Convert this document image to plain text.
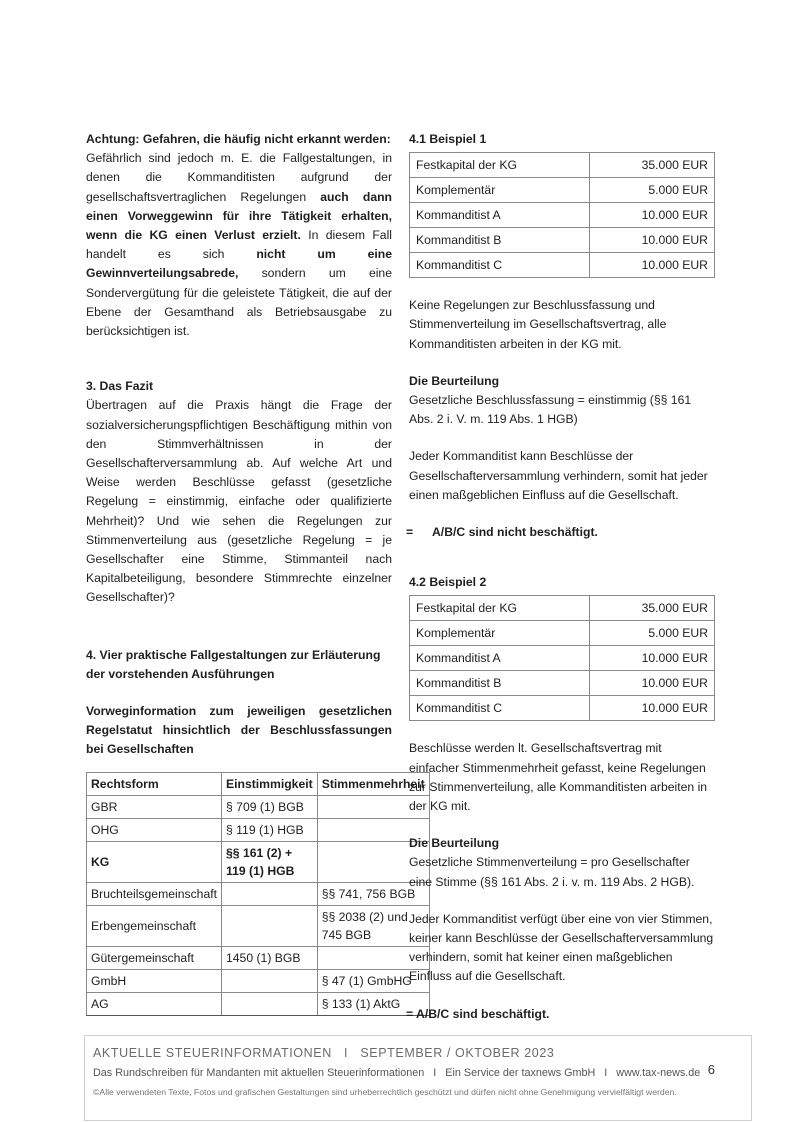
Achtung: Gefahren, die häufig nicht erkannt werden:

Gefährlich sind jedoch m. E. die Fallgestaltungen, in denen die Kommanditisten aufgrund der gesellschaftsvertraglichen Regelungen auch dann einen Vorweggewinn für ihre Tätigkeit erhalten, wenn die KG einen Verlust erzielt. In diesem Fall handelt es sich nicht um eine Gewinnverteilungsabrede, sondern um eine Sondervergütung für die geleistete Tätigkeit, die auf der Ebene der Gesamthand als Betriebsausgabe zu berücksichtigen ist.

3. Das Fazit

Übertragen auf die Praxis hängt die Frage der sozialversicherungspflichtigen Beschäftigung mithin von den Stimmverhältnissen in der Gesellschafterversammlung ab. Auf welche Art und Weise werden Beschlüsse gefasst (gesetzliche Regelung = einstimmig, einfache oder qualifizierte Mehrheit)? Und wie sehen die Regelungen zur Stimmenverteilung aus (gesetzliche Regelung = je Gesellschafter eine Stimme, Stimmanteil nach Kapitalbeteiligung, besondere Stimmrechte einzelner Gesellschafter)?

4. Vier praktische Fallgestaltungen zur Erläuterung der vorstehenden Ausführungen

Vorweginformation zum jeweiligen gesetzlichen Regelstatut hinsichtlich der Beschlussfassungen bei Gesellschaften

Rechtsform	Einstimmigkeit	Stimmenmehrheit
GBR	§ 709 (1) BGB	
OHG	§ 119 (1) HGB	
KG	§§ 161 (2) + 119 (1) HGB	
Bruchteilsgemeinschaft		§§ 741, 756 BGB
Erbengemeinschaft		§§ 2038 (2) und 745 BGB
Gütergemeinschaft	1450 (1) BGB	
GmbH		§ 47 (1) GmbHG
AG		§ 133 (1) AktG

4.1 Beispiel 1

Festkapital der KG	35.000 EUR
Komplementär	5.000 EUR
Kommanditist A	10.000 EUR
Kommanditist B	10.000 EUR
Kommanditist C	10.000 EUR

Keine Regelungen zur Beschlussfassung und Stimmenverteilung im Gesellschaftsvertrag, alle Kommanditisten arbeiten in der KG mit.

Die Beurteilung

Gesetzliche Beschlussfassung = einstimmig (§§ 161 Abs. 2 i. V. m. 119 Abs. 1 HGB)

Jeder Kommanditist kann Beschlüsse der Gesellschafterversammlung verhindern, somit hat jeder einen maßgeblichen Einfluss auf die Gesellschaft.

= A/B/C sind nicht beschäftigt.

4.2 Beispiel 2

Festkapital der KG	35.000 EUR
Komplementär	5.000 EUR
Kommanditist A	10.000 EUR
Kommanditist B	10.000 EUR
Kommanditist C	10.000 EUR

Beschlüsse werden lt. Gesellschaftsvertrag mit einfacher Stimmenmehrheit gefasst, keine Regelungen zur Stimmenverteilung, alle Kommanditisten arbeiten in der KG mit.

Die Beurteilung

Gesetzliche Stimmenverteilung = pro Gesellschafter eine Stimme (§§ 161 Abs. 2 i. v. m. 119 Abs. 2 HGB).

Jeder Kommanditist verfügt über eine von vier Stimmen, keiner kann Beschlüsse der Gesellschafterversammlung verhindern, somit hat keiner einen maßgeblichen Einfluss auf die Gesellschaft.

= A/B/C sind beschäftigt.

AKTUELLE STEUERINFORMATIONEN   I   SEPTEMBER / OKTOBER 2023
Das Rundschreiben für Mandanten mit aktuellen Steuerinformationen   I   Ein Service der taxnews GmbH   I   www.tax-news.de
©Alle verwendeten Texte, Fotos und grafischen Gestaltungen sind urheberrechtlich geschützt und dürfen nicht ohne Genehmigung vervielfältigt werden.
6
